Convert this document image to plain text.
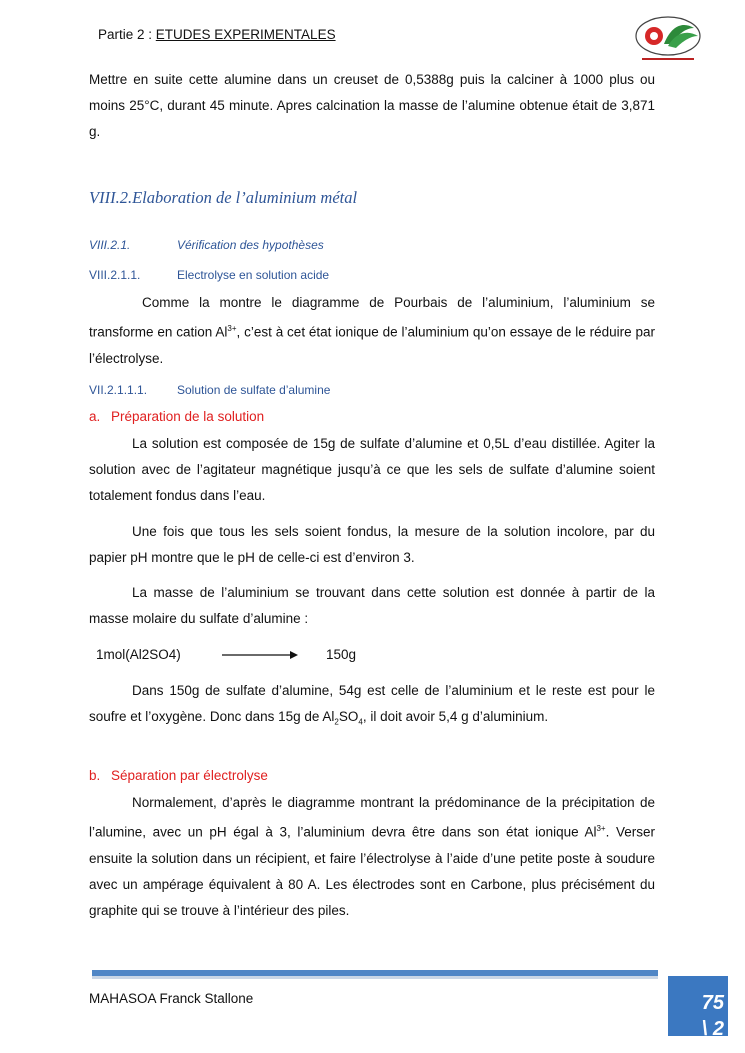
Partie 2 : ETUDES EXPERIMENTALES
Mettre en suite cette alumine dans un creuset de 0,5388g puis la calciner à 1000 plus ou moins 25°C, durant 45 minute. Apres calcination la masse de l’alumine obtenue était de 3,871 g.
VIII.2.Elaboration de l’aluminium métal
VIII.2.1.	Vérification des hypothèses
VIII.2.1.1.	Electrolyse en solution acide
Comme la montre le diagramme de Pourbais de l’aluminium, l’aluminium se transforme en cation $Al^{3+}$, c’est à cet état ionique de l’aluminium qu’on essaye de le réduire par l’électrolyse.
VII.2.1.1.1. Solution de sulfate d’alumine
a. Préparation de la solution
La solution est composée de 15g de sulfate d’alumine et 0,5L d’eau distillée. Agiter la solution avec de l’agitateur magnétique jusqu’à ce que les sels de sulfate d’alumine soient totalement fondus dans l’eau.
Une fois que tous les sels soient fondus, la mesure de la solution incolore, par du papier pH montre que le pH de celle-ci est d’environ 3.
La masse de l’aluminium se trouvant dans cette solution est donnée à partir de la masse molaire du sulfate d’alumine :
1mol(Al2SO4)	150g
Dans 150g de sulfate d’alumine, 54g est celle de l’aluminium et le reste est pour le soufre et l’oxygène. Donc dans 15g de $Al_2SO_4$, il doit avoir 5,4 g d’aluminium.
b. Séparation par électrolyse
Normalement, d’après le diagramme montrant la prédominance de la précipitation de l’alumine, avec un pH égal à 3, l’aluminium devra être dans son état ionique $Al^{3+}$. Verser ensuite la solution dans un récipient, et faire l’électrolyse à l’aide d’une petite poste à soudure avec un ampérage équivalent à 80 A. Les électrodes sont en Carbone, plus précisément du graphite qui se trouve à l’intérieur des piles.
MAHASOA Franck Stallone	75
\ 2
